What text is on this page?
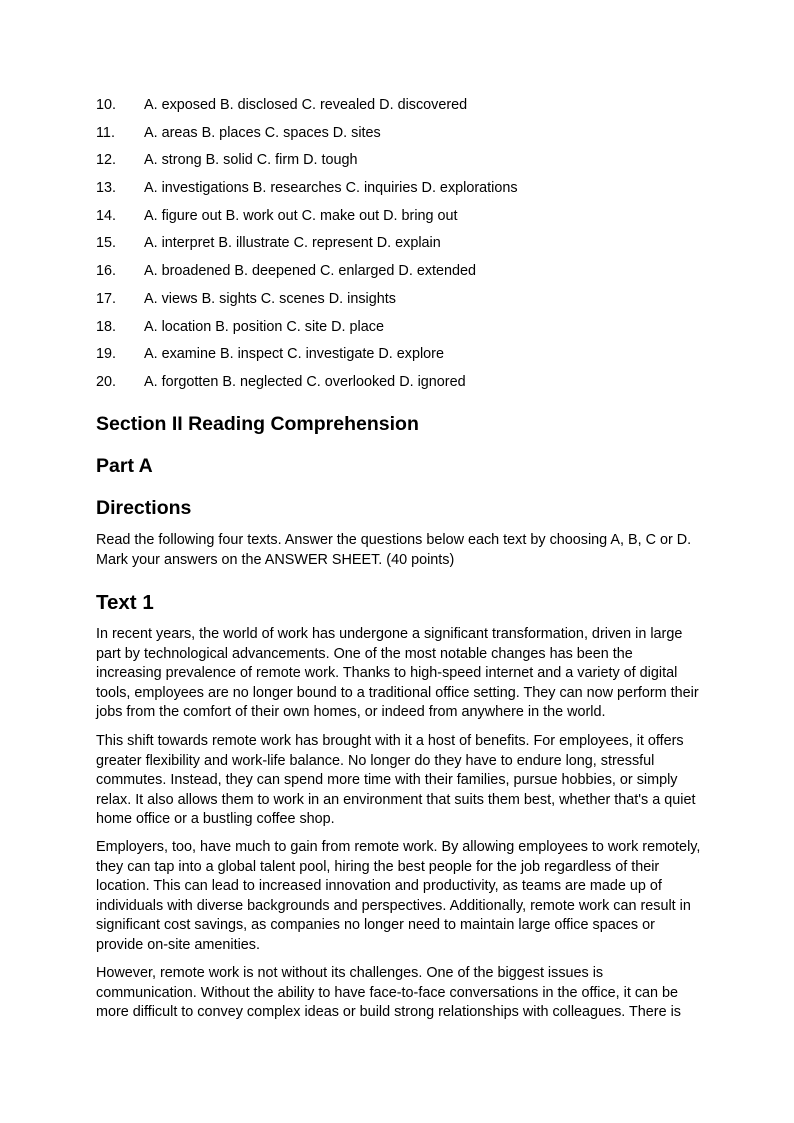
10. A. exposed B. disclosed C. revealed D. discovered
11. A. areas B. places C. spaces D. sites
12. A. strong B. solid C. firm D. tough
13. A. investigations B. researches C. inquiries D. explorations
14. A. figure out B. work out C. make out D. bring out
15. A. interpret B. illustrate C. represent D. explain
16. A. broadened B. deepened C. enlarged D. extended
17. A. views B. sights C. scenes D. insights
18. A. location B. position C. site D. place
19. A. examine B. inspect C. investigate D. explore
20. A. forgotten B. neglected C. overlooked D. ignored
Section II Reading Comprehension
Part A
Directions

Read the following four texts. Answer the questions below each text by choosing A, B, C or D. Mark your answers on the ANSWER SHEET. (40 points)

Text 1

In recent years, the world of work has undergone a significant transformation, driven in large part by technological advancements. One of the most notable changes has been the increasing prevalence of remote work. Thanks to high-speed internet and a variety of digital tools, employees are no longer bound to a traditional office setting. They can now perform their jobs from the comfort of their own homes, or indeed from anywhere in the world.

This shift towards remote work has brought with it a host of benefits. For employees, it offers greater flexibility and work-life balance. No longer do they have to endure long, stressful commutes. Instead, they can spend more time with their families, pursue hobbies, or simply relax. It also allows them to work in an environment that suits them best, whether that's a quiet home office or a bustling coffee shop.

Employers, too, have much to gain from remote work. By allowing employees to work remotely, they can tap into a global talent pool, hiring the best people for the job regardless of their location. This can lead to increased innovation and productivity, as teams are made up of individuals with diverse backgrounds and perspectives. Additionally, remote work can result in significant cost savings, as companies no longer need to maintain large office spaces or provide on-site amenities.

However, remote work is not without its challenges. One of the biggest issues is communication. Without the ability to have face-to-face conversations in the office, it can be more difficult to convey complex ideas or build strong relationships with colleagues. There is
